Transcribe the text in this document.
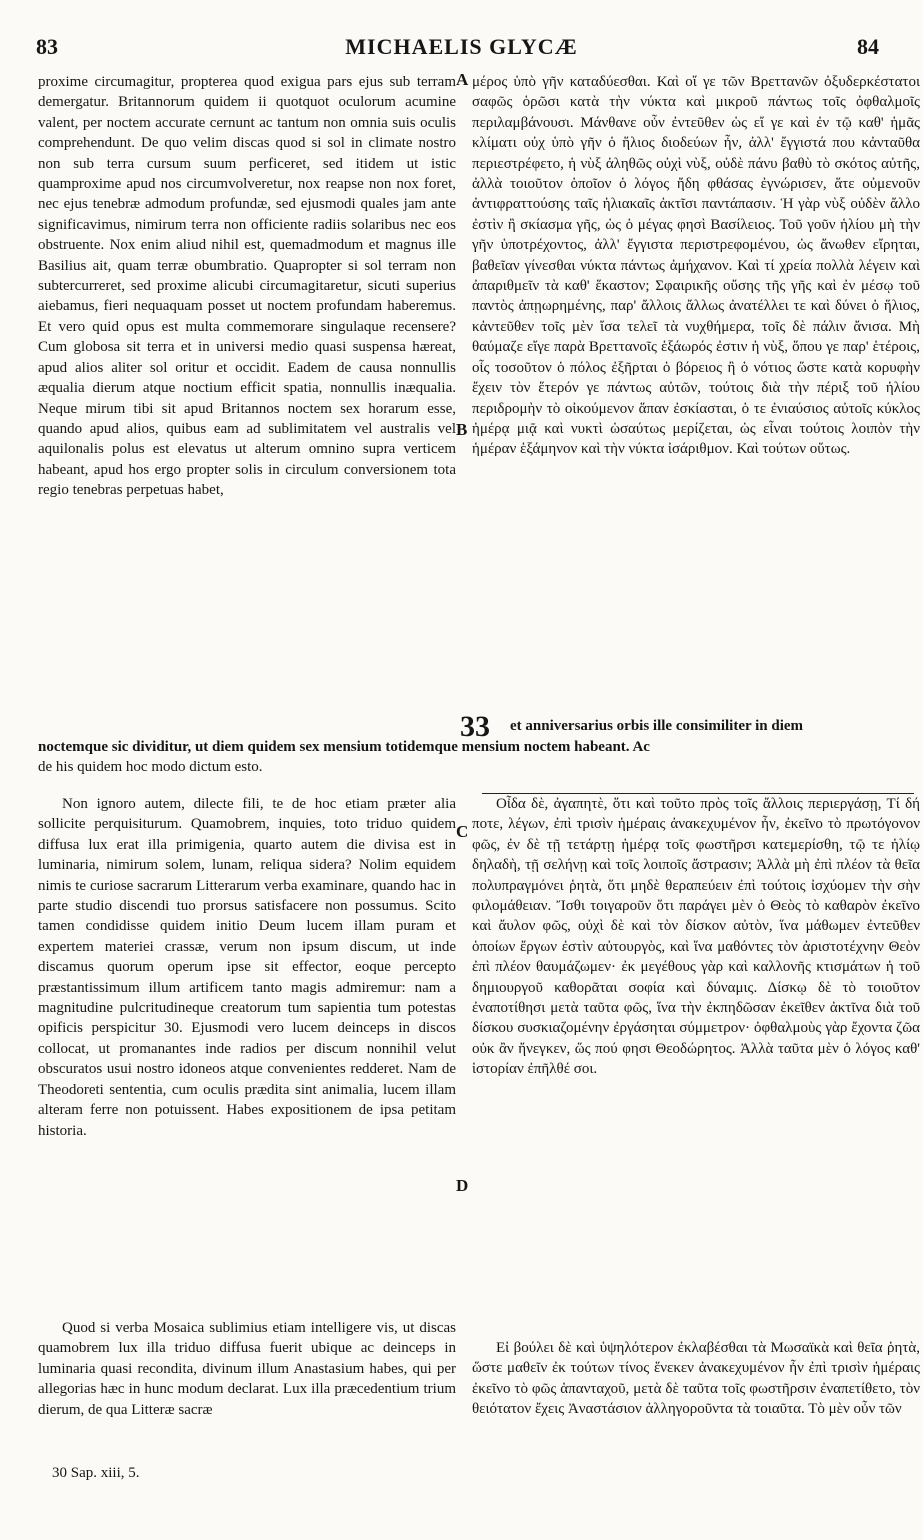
83	MICHAELIS GLYCÆ	84

proxime circumagitur, propterea quod exigua pars ejus sub terram demergatur. Britannorum quidem ii quotquot oculorum acumine valent, per noctem accurate cernunt ac tantum non omnia suis oculis comprehendunt. De quo velim discas quod si sol in climate nostro non sub terra cursum suum perficeret, sed itidem ut istic quamproxime apud nos circumvolveretur, nox reapse non nox foret, nec ejus tenebræ admodum profundæ, sed ejusmodi quales jam ante significavimus, nimirum terra non officiente radiis solaribus nec eos obstruente. Nox enim aliud nihil est, quemadmodum et magnus ille Basilius ait, quam terræ obumbratio. Quapropter si sol terram non subtercurreret, sed proxime alicubi circumagitaretur, sicuti superius aiebamus, fieri nequaquam posset ut noctem profundam haberemus. Et vero quid opus est multa commemorare singulaque recensere? Cum globosa sit terra et in universi medio quasi suspensa hæreat, apud alios aliter sol oritur et occidit. Eadem de causa nonnullis æqualia dierum atque noctium efficit spatia, nonnullis inæqualia. Neque mirum tibi sit apud Britannos noctem sex horarum esse, quando apud alios, quibus eam ad sublimitatem vel australis vel aquilonalis polus est elevatus ut alterum omnino supra verticem habeant, apud hos ergo propter solis in circulum conversionem tota regio tenebras perpetuas habet,

A μέρος ὑπὸ γῆν καταδύεσθαι. Καὶ οἵ γε τῶν Βρεττανῶν ὀξυδερκέστατοι σαφῶς ὁρῶσι κατὰ τὴν νύκτα καὶ μικροῦ πάντως τοῖς ὀφθαλμοῖς περιλαμβάνουσι. Μάνθανε οὖν ἐντεῦθεν ὡς εἴ γε καὶ ἐν τῷ καθ' ἡμᾶς κλίματι οὐχ ὑπὸ γῆν ὁ ἥλιος διοδεύων ἦν, ἀλλ' ἔγγιστά που κἀνταῦθα περιεστρέφετο, ἡ νὺξ ἀληθῶς οὐχὶ νὺξ, οὐδὲ πάνυ βαθὺ τὸ σκότος αὐτῆς, ἀλλὰ τοιοῦτον ὁποῖον ὁ λόγος ἤδη φθάσας ἐγνώρισεν, ἅτε οὐμενοῦν ἀντιφραττούσης ταῖς ἡλιακαῖς ἀκτῖσι παντάπασιν. Ἡ γὰρ νὺξ οὐδὲν ἄλλο ἐστὶν ἢ σκίασμα γῆς, ὡς ὁ μέγας φησὶ Βασίλειος. Τοῦ γοῦν ἡλίου μὴ τὴν γῆν ὑποτρέχοντος, ἀλλ' ἔγγιστα περιστρεφομένου, ὡς ἄνωθεν εἴρηται, βαθεῖαν γίνεσθαι νύκτα πάντως ἀμήχανον. Καὶ τί χρεία πολλὰ λέγειν καὶ ἀπαριθμεῖν τὰ καθ' ἕκαστον; Σφαιρικῆς οὔσης τῆς γῆς καὶ ἐν μέσῳ τοῦ παντὸς ἀπῃωρημένης, παρ' ἄλλοις ἄλλως ἀνατέλλει τε καὶ δύνει ὁ ἥλιος, κἀντεῦθεν τοῖς μὲν ἴσα τελεῖ τὰ νυχθήμερα, τοῖς δὲ πάλιν ἄνισα. Μὴ θαύμαζε εἴγε παρὰ Βρεττανοῖς ἑξάωρός ἐστιν ἡ νὺξ, ὅπου γε παρ' ἑτέροις, οἷς τοσοῦτον ὁ πόλος ἐξῆρται ὁ βόρειος ἢ ὁ νότιος ὥστε κατὰ κορυφὴν ἔχειν τὸν ἕτερόν γε πάντως αὐτῶν, τούτοις διὰ τὴν πέριξ τοῦ ἡλίου περιδρομὴν τὸ οἰκούμενον ἅπαν ἐσκίασται, ὁ τε ἐνιαύσιος αὐτοῖς κύκλος ἡμέρᾳ μιᾷ καὶ νυκτὶ ὡσαύτως μερίζεται, ὡς εἶναι τούτοις λοιπὸν τὴν ἡμέραν ἑξάμηνον καὶ τὴν νύκτα ἰσάριθμον. Καὶ τούτων οὕτως.

B
33 et anniversarius orbis ille consimiliter in diem
noctemque sic dividitur, ut diem quidem sex mensium totidemque mensium noctem habeant. Ac
de his quidem hoc modo dictum esto.

Non ignoro autem, dilecte fili, te de hoc etiam præter alia sollicite perquisiturum. Quamobrem, inquies, toto triduo quidem diffusa lux erat illa primigenia, quarto autem die divisa est in luminaria, nimirum solem, lunam, reliqua sidera? Nolim equidem nimis te curiose sacrarum Litterarum verba examinare, quando hac in parte studio discendi tuo prorsus satisfacere non possumus. Scito tamen condidisse quidem initio Deum lucem illam puram et expertem materiei crassæ, verum non ipsum discum, ut inde discamus quorum operum ipse sit effector, eoque percepto præstantissimum illum artificem tanto magis admiremur: nam a magnitudine pulcritudineque creatorum tum sapientia tum potestas opificis perspicitur 30. Ejusmodi vero lucem deinceps in discos collocat, ut promanantes inde radios per discum nonnihil velut obscuratos usui nostro idoneos atque convenientes redderet. Nam de Theodoreti sententia, cum oculis prædita sint animalia, lucem illam alteram ferre non potuissent. Habes expositionem de ipsa petitam historia.

C

Οἶδα δὲ, ἀγαπητὲ, ὅτι καὶ τοῦτο πρὸς τοῖς ἄλλοις περιεργάσῃ, Τί δή ποτε, λέγων, ἐπὶ τρισὶν ἡμέραις ἀνακεχυμένον ἦν, ἐκεῖνο τὸ πρωτόγονον φῶς, ἐν δὲ τῇ τετάρτῃ ἡμέρᾳ τοῖς φωστῆρσι κατεμερίσθη, τῷ τε ἡλίῳ δηλαδὴ, τῇ σελήνῃ καὶ τοῖς λοιποῖς ἄστρασιν; Ἀλλὰ μὴ ἐπὶ πλέον τὰ θεῖα πολυπραγμόνει ῥητὰ, ὅτι μηδὲ θεραπεύειν ἐπὶ τούτοις ἰσχύομεν τὴν σὴν φιλομάθειαν. Ἴσθι τοιγαροῦν ὅτι παράγει μὲν ὁ Θεὸς τὸ καθαρὸν ἐκεῖνο καὶ ἄυλον φῶς, οὐχὶ δὲ καὶ τὸν δίσκον αὐτὸν, ἵνα μάθωμεν ἐντεῦθεν ὁποίων ἔργων ἐστὶν αὐτουργὸς, καὶ ἵνα μαθόντες τὸν ἀριστοτέχνην Θεὸν ἐπὶ πλέον θαυμάζωμεν· ἐκ μεγέθους γὰρ καὶ καλλονῆς κτισμάτων ἡ τοῦ δημιουργοῦ καθορᾶται σοφία καὶ δύναμις. Δίσκῳ δὲ τὸ τοιοῦτον ἐναποτίθησι μετὰ ταῦτα φῶς, ἵνα τὴν ἐκπηδῶσαν ἐκεῖθεν ἀκτῖνα διὰ τοῦ δίσκου συσκιαζομένην ἐργάσηται σύμμετρον· ὀφθαλμοὺς γὰρ ἔχοντα ζῶα οὐκ ἂν ἤνεγκεν, ὥς πού φησι Θεοδώρητος. Ἀλλὰ ταῦτα μὲν ὁ λόγος καθ' ἱστορίαν ἐπῆλθέ σοι.

D

Quod si verba Mosaica sublimius etiam intelligere vis, ut discas quamobrem lux illa triduo diffusa fuerit ubique ac deinceps in luminaria quasi recondita, divinum illum Anastasium habes, qui per allegorias hæc in hunc modum declarat. Lux illa præcedentium trium dierum, de qua Litteræ sacræ

Εἰ βούλει δὲ καὶ ὑψηλότερον ἐκλαβέσθαι τὰ Μωσαϊκὰ καὶ θεῖα ῥητὰ, ὥστε μαθεῖν ἐκ τούτων τίνος ἕνεκεν ἀνακεχυμένον ἦν ἐπὶ τρισὶν ἡμέραις ἐκεῖνο τὸ φῶς ἁπανταχοῦ, μετὰ δὲ ταῦτα τοῖς φωστῆρσιν ἐναπετίθετο, τὸν θειότατον ἔχεις Ἀναστάσιον ἀλληγοροῦντα τὰ τοιαῦτα. Τὸ μὲν οὖν τῶν

30 Sap. xiii, 5.
